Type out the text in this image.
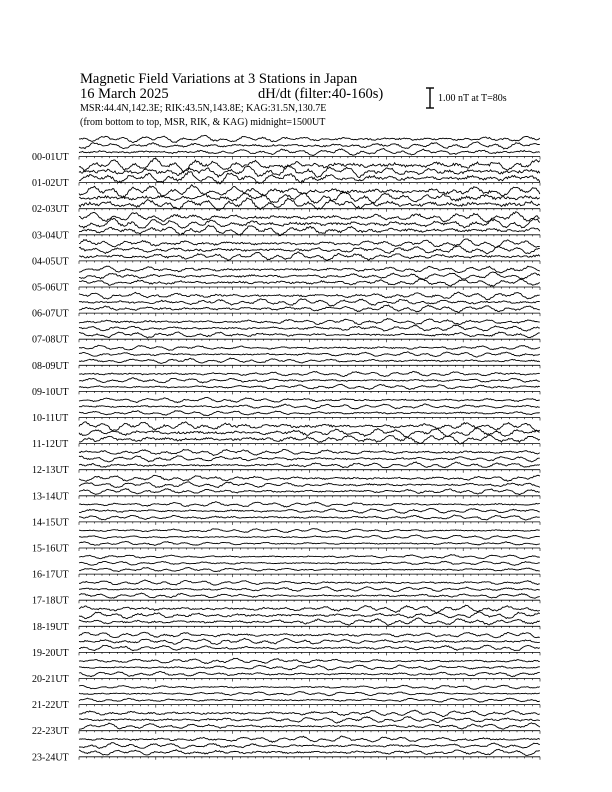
Magnetic Field Variations at 3 Stations in Japan
16 March 2025	dH/dt (filter:40-160s)
MSR:44.4N,142.3E; RIK:43.5N,143.8E; KAG:31.5N,130.7E
(from bottom to top, MSR, RIK, & KAG) midnight=1500UT
1.00 nT at T=80s
00-01UT
01-02UT
02-03UT
03-04UT
04-05UT
05-06UT
06-07UT
07-08UT
08-09UT
09-10UT
10-11UT
11-12UT
12-13UT
13-14UT
14-15UT
15-16UT
16-17UT
17-18UT
18-19UT
19-20UT
20-21UT
21-22UT
22-23UT
23-24UT
